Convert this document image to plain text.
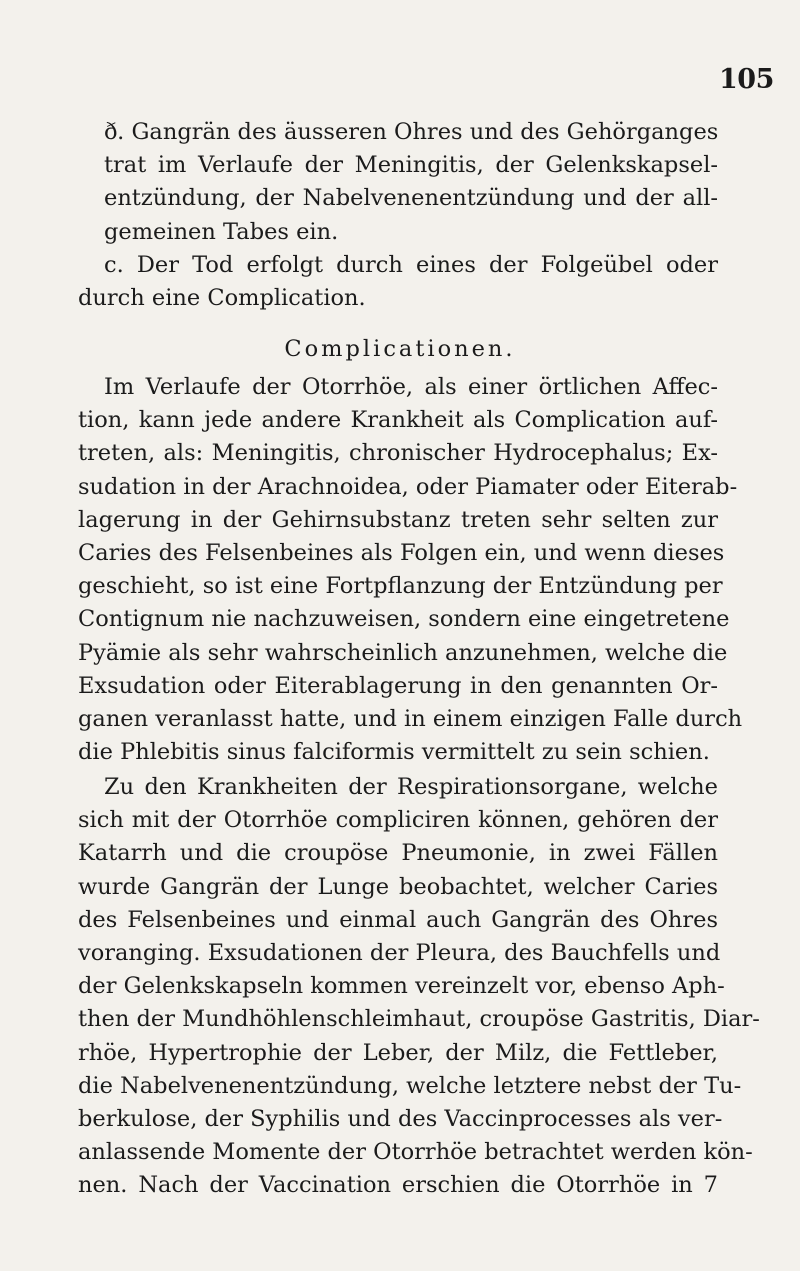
105
ð. Gangrän des äusseren Ohres und des Gehörganges
trat im Verlaufe der Meningitis, der Gelenkskapsel-
entzündung, der Nabelvenenentzündung und der all-
gemeinen Tabes ein.
c. Der Tod erfolgt durch eines der Folgeübel oder
durch eine Complication.
Complicationen.
Im Verlaufe der Otorrhöe, als einer örtlichen Affec-
tion, kann jede andere Krankheit als Complication auf-
treten, als: Meningitis, chronischer Hydrocephalus; Ex-
sudation in der Arachnoidea, oder Piamater oder Eiterab-
lagerung in der Gehirnsubstanz treten sehr selten zur
Caries des Felsenbeines als Folgen ein, und wenn dieses
geschieht, so ist eine Fortpflanzung der Entzündung per
Contignum nie nachzuweisen, sondern eine eingetretene
Pyämie als sehr wahrscheinlich anzunehmen, welche die
Exsudation oder Eiterablagerung in den genannten Or-
ganen veranlasst hatte, und in einem einzigen Falle durch
die Phlebitis sinus falciformis vermittelt zu sein schien.
Zu den Krankheiten der Respirationsorgane, welche
sich mit der Otorrhöe compliciren können, gehören der
Katarrh und die croupöse Pneumonie, in zwei Fällen
wurde Gangrän der Lunge beobachtet, welcher Caries
des Felsenbeines und einmal auch Gangrän des Ohres
voranging. Exsudationen der Pleura, des Bauchfells und
der Gelenkskapseln kommen vereinzelt vor, ebenso Aph-
then der Mundhöhlenschleimhaut, croupöse Gastritis, Diar-
rhöe, Hypertrophie der Leber, der Milz, die Fettleber,
die Nabelvenenentzündung, welche letztere nebst der Tu-
berkulose, der Syphilis und des Vaccinprocesses als ver-
anlassende Momente der Otorrhöe betrachtet werden kön-
nen. Nach der Vaccination erschien die Otorrhöe in 7
